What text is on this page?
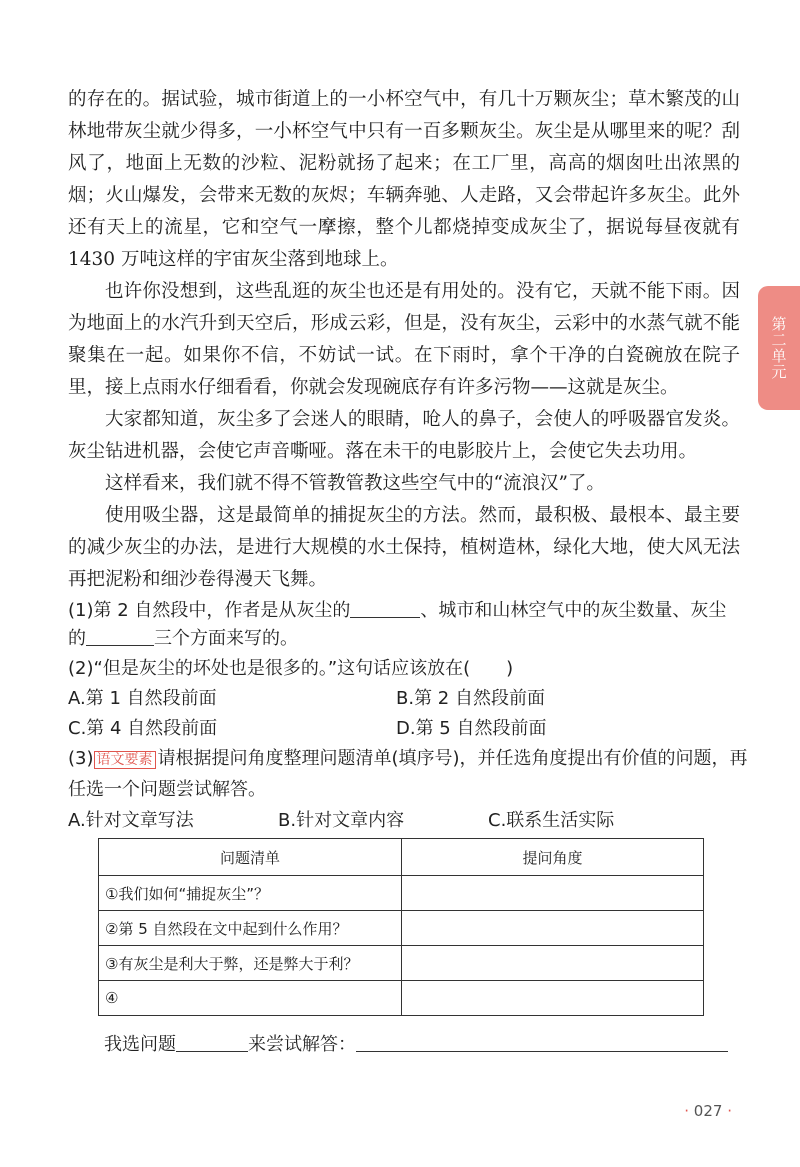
的存在的。据试验，城市街道上的一小杯空气中，有几十万颗灰尘；草木繁茂的山林地带灰尘就少得多，一小杯空气中只有一百多颗灰尘。灰尘是从哪里来的呢？刮风了，地面上无数的沙粒、泥粉就扬了起来；在工厂里，高高的烟囱吐出浓黑的烟；火山爆发，会带来无数的灰烬；车辆奔驰、人走路，又会带起许多灰尘。此外还有天上的流星，它和空气一摩擦，整个儿都烧掉变成灰尘了，据说每昼夜就有1430 万吨这样的宇宙灰尘落到地球上。

也许你没想到，这些乱逛的灰尘也还是有用处的。没有它，天就不能下雨。因为地面上的水汽升到天空后，形成云彩，但是，没有灰尘，云彩中的水蒸气就不能聚集在一起。如果你不信，不妨试一试。在下雨时，拿个干净的白瓷碗放在院子里，接上点雨水仔细看看，你就会发现碗底存有许多污物——这就是灰尘。

大家都知道，灰尘多了会迷人的眼睛，呛人的鼻子，会使人的呼吸器官发炎。灰尘钻进机器，会使它声音嘶哑。落在未干的电影胶片上，会使它失去功用。

这样看来，我们就不得不管教管教这些空气中的“流浪汉”了。

使用吸尘器，这是最简单的捕捉灰尘的方法。然而，最积极、最根本、最主要的减少灰尘的办法，是进行大规模的水土保持，植树造林，绿化大地，使大风无法再把泥粉和细沙卷得漫天飞舞。

第二单元
(1)第 2 自然段中，作者是从灰尘的	、城市和山林空气中的灰尘数量、灰尘
的	三个方面来写的。
(2)“但是灰尘的坏处也是很多的。”这句话应该放在(　　)
A.第 1 自然段前面	B.第 2 自然段前面
C.第 4 自然段前面	D.第 5 自然段前面
(3) 语文要素 请根据提问角度整理问题清单(填序号)，并任选角度提出有价值的问题，再任选一个问题尝试解答。
A.针对文章写法	B.针对文章内容	C.联系生活实际
问题清单	提问角度
①我们如何“捕捉灰尘”？	
②第 5 自然段在文中起到什么作用？	
③有灰尘是利大于弊，还是弊大于利？	
④	
我选问题	来尝试解答：
· 027 ·
